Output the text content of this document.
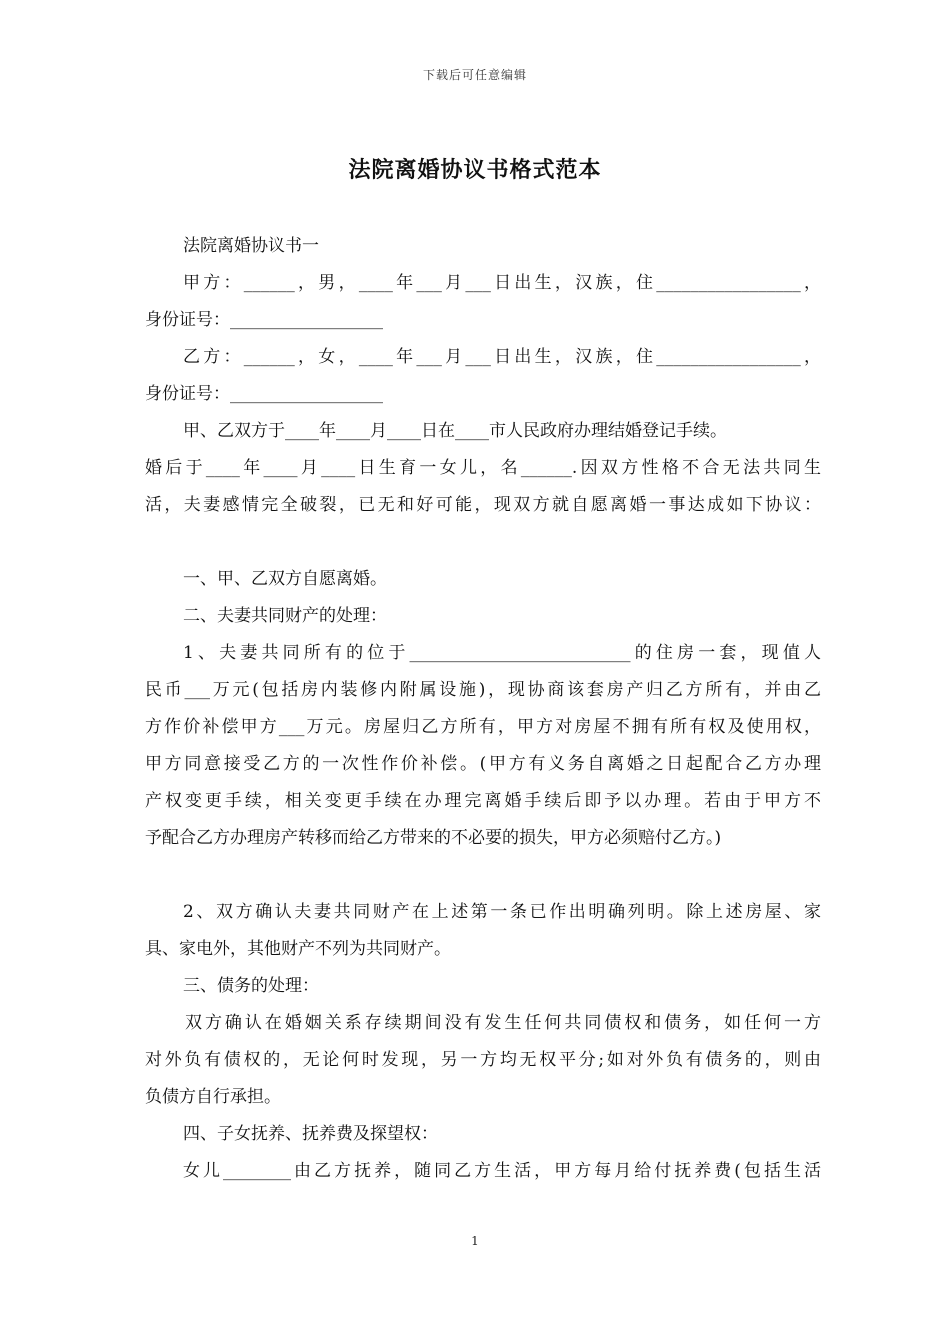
下载后可任意编辑
法院离婚协议书格式范本
法院离婚协议书一
甲方：______，男，____年___月___日出生，汉族，住_________________，
身份证号：__________________
乙方：______，女，____年___月___日出生，汉族，住_________________，
身份证号：__________________
甲、乙双方于____年____月____日在____市人民政府办理结婚登记手续。
婚后于____年____月____日生育一女儿，名______.因双方性格不合无法共同生
活，夫妻感情完全破裂，已无和好可能，现双方就自愿离婚一事达成如下协议：
一、甲、乙双方自愿离婚。
二、夫妻共同财产的处理：
1、夫妻共同所有的位于__________________________的住房一套，现值人
民币___万元(包括房内装修内附属设施)，现协商该套房产归乙方所有，并由乙
方作价补偿甲方___万元。房屋归乙方所有，甲方对房屋不拥有所有权及使用权，
甲方同意接受乙方的一次性作价补偿。(甲方有义务自离婚之日起配合乙方办理
产权变更手续，相关变更手续在办理完离婚手续后即予以办理。若由于甲方不
予配合乙方办理房产转移而给乙方带来的不必要的损失，甲方必须赔付乙方。)
2、双方确认夫妻共同财产在上述第一条已作出明确列明。除上述房屋、家
具、家电外，其他财产不列为共同财产。
三、债务的处理：
双方确认在婚姻关系存续期间没有发生任何共同债权和债务，如任何一方
对外负有债权的，无论何时发现，另一方均无权平分;如对外负有债务的，则由
负债方自行承担。
四、子女抚养、抚养费及探望权：
女儿________由乙方抚养，随同乙方生活，甲方每月给付抚养费(包括生活
1
